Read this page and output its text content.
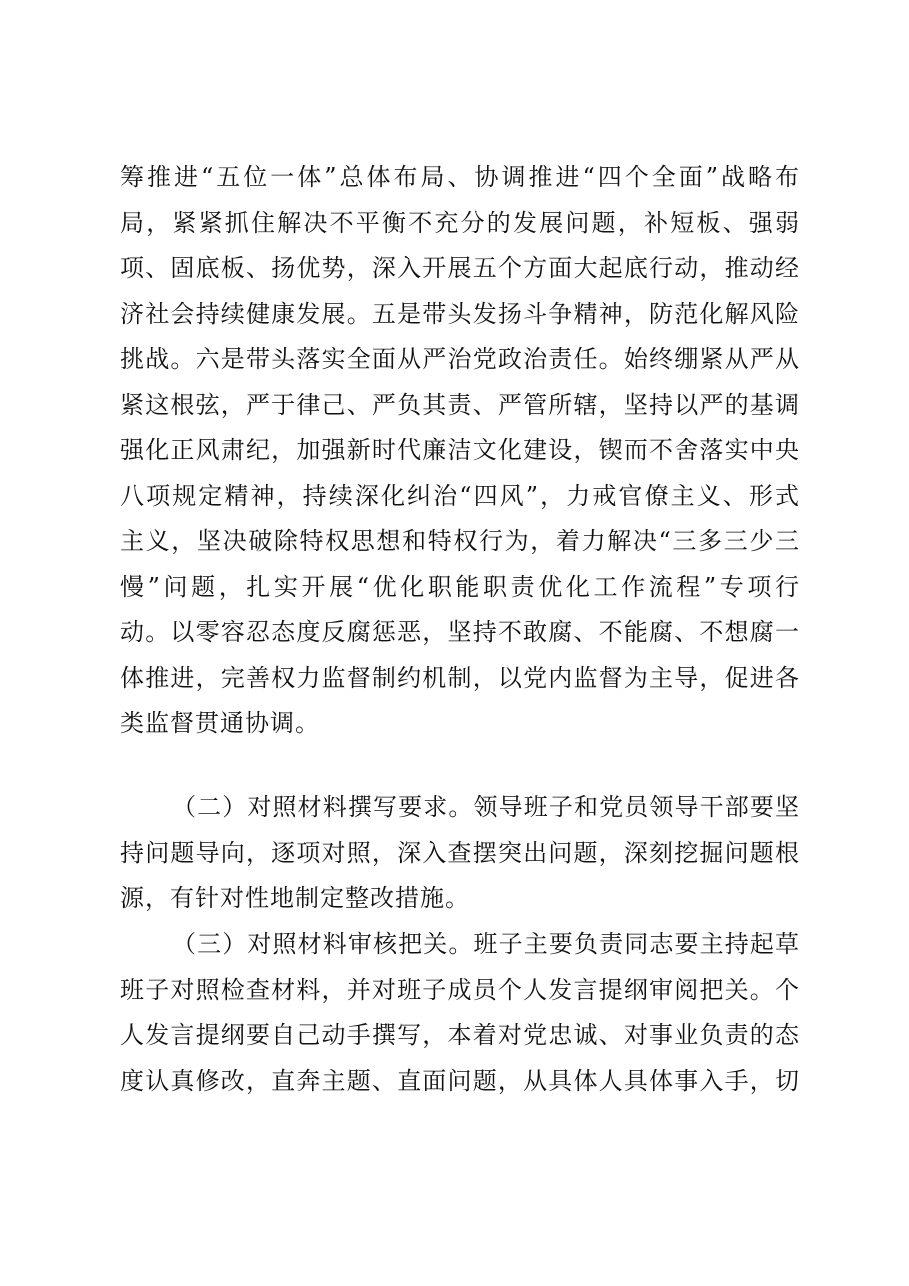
筹推进“五位一体”总体布局、协调推进“四个全面”战略布
局，紧紧抓住解决不平衡不充分的发展问题，补短板、强弱
项、固底板、扬优势，深入开展五个方面大起底行动，推动经
济社会持续健康发展。五是带头发扬斗争精神，防范化解风险
挑战。六是带头落实全面从严治党政治责任。始终绷紧从严从
紧这根弦，严于律己、严负其责、严管所辖，坚持以严的基调
强化正风肃纪，加强新时代廉洁文化建设，锲而不舍落实中央
八项规定精神，持续深化纠治“四风”，力戒官僚主义、形式
主义，坚决破除特权思想和特权行为，着力解决“三多三少三
慢”问题，扎实开展“优化职能职责优化工作流程”专项行
动。以零容忍态度反腐惩恶，坚持不敢腐、不能腐、不想腐一
体推进，完善权力监督制约机制，以党内监督为主导，促进各
类监督贯通协调。
（二）对照材料撰写要求。领导班子和党员领导干部要坚
持问题导向，逐项对照，深入查摆突出问题，深刻挖掘问题根
源，有针对性地制定整改措施。
（三）对照材料审核把关。班子主要负责同志要主持起草
班子对照检查材料，并对班子成员个人发言提纲审阅把关。个
人发言提纲要自己动手撰写，本着对党忠诚、对事业负责的态
度认真修改，直奔主题、直面问题，从具体人具体事入手，切
